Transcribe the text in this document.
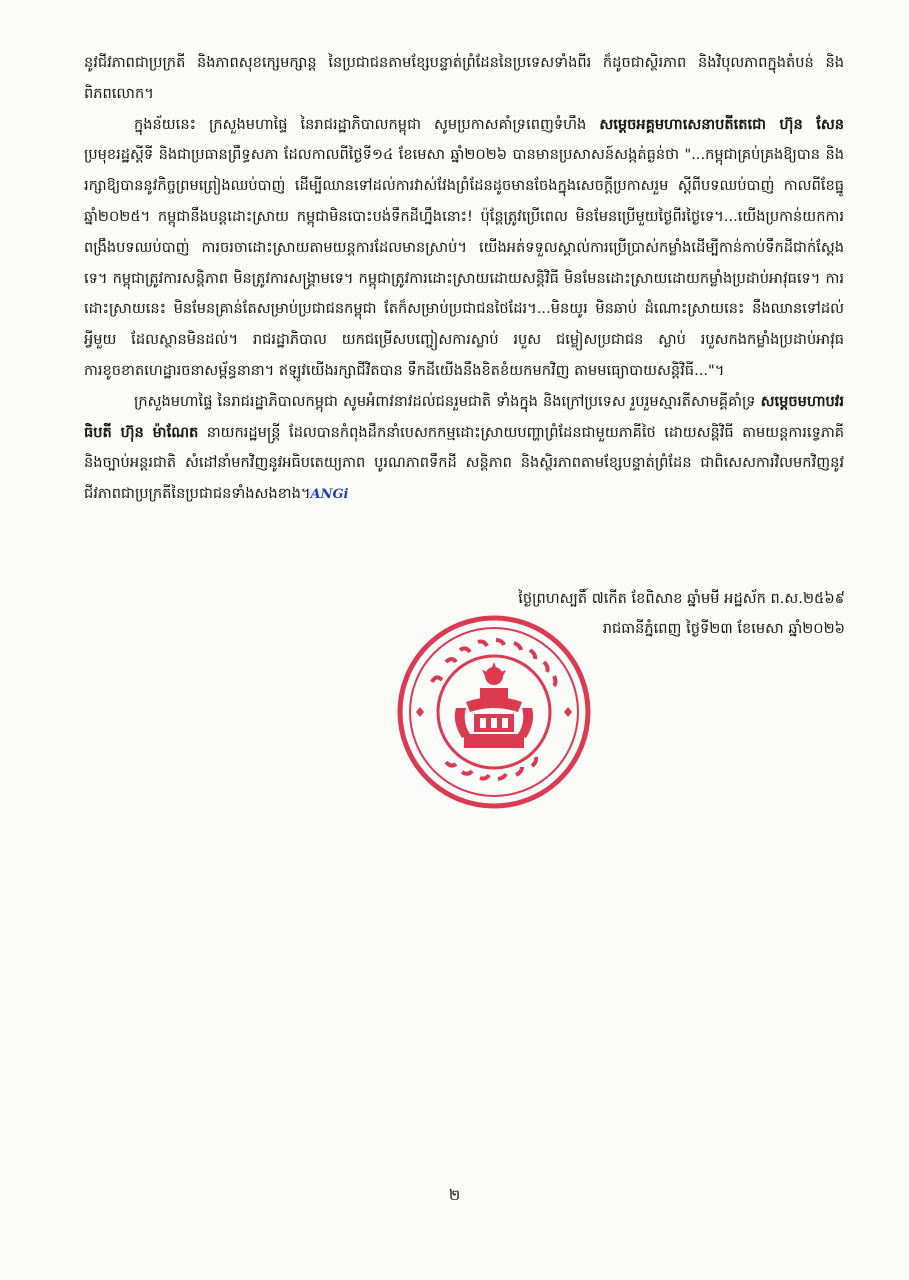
នូវជីវភាពជាប្រក្រតី និងភាពសុខក្សេមក្សាន្ត នៃប្រជាជនតាមខ្សែបន្ទាត់ព្រំដែននៃប្រទេសទាំងពីរ ក៏ដូចជាស្ថិរភាព និងវិបុលភាពក្នុងតំបន់ និងពិភពលោក។

ក្នុងន័យនេះ ក្រសួងមហាផ្ទៃ នៃរាជរដ្ឋាភិបាលកម្ពុជា សូមប្រកាសគាំទ្រពេញទំហឹង សម្តេចអគ្គមហាសេនាបតីតេជោ ហ៊ុន សែន ប្រមុខរដ្ឋស្តីទី និងជាប្រធានព្រឹទ្ធសភា ដែលកាលពីថ្ងៃទី១៤ ខែមេសា ឆ្នាំ២០២៦ បានមានប្រសាសន៍សង្កត់ធ្ងន់ថា "...កម្ពុជាគ្រប់គ្រងឱ្យបាន និងរក្សាឱ្យបាននូវកិច្ចព្រមព្រៀងឈប់បាញ់ ដើម្បីឈានទៅដល់ការវាស់វែងព្រំដែនដូចមានចែងក្នុងសេចក្តីប្រកាសរួម ស្តីពីបទឈប់បាញ់ កាលពីខែធ្នូ ឆ្នាំ២០២៥។ កម្ពុជានឹងបន្តដោះស្រាយ កម្ពុជាមិនបោះបង់ទឹកដីហ្នឹងនោះ! ប៉ុន្តែត្រូវប្រើពេល មិនមែនប្រើមួយថ្ងៃពីរថ្ងៃទេ។...យើងប្រកាន់យកការពង្រឹងបទឈប់បាញ់ ការចរចាដោះស្រាយតាមយន្តការដែលមានស្រាប់។ យើងអត់ទទួលស្គាល់ការប្រើប្រាស់កម្លាំងដើម្បីកាន់កាប់ទឹកដីជាក់ស្តែងទេ។ កម្ពុជាត្រូវការសន្តិភាព មិនត្រូវការសង្គ្រាមទេ។ កម្ពុជាត្រូវការដោះស្រាយដោយសន្តិវិធី មិនមែនដោះស្រាយដោយកម្លាំងប្រដាប់អាវុធទេ។ ការដោះស្រាយនេះ មិនមែនគ្រាន់តែសម្រាប់ប្រជាជនកម្ពុជា តែក៏សម្រាប់ប្រជាជនថៃដែរ។...មិនយូរ មិនឆាប់ ដំណោះស្រាយនេះ នឹងឈានទៅដល់អ្វីមួយ ដែលស្ថានមិនដល់។ រាជរដ្ឋាភិបាល យកជម្រើសបញ្ចៀសការស្លាប់ របួស ជម្លៀសប្រជាជន ស្លាប់ របួសកងកម្លាំងប្រដាប់អាវុធ ការខូចខាតហេដ្ឋារចនាសម្ព័ន្ធនានា។ ឥឡូវយើងរក្សាជីវិតបាន ទឹកដីយើងនឹងខិតខំយកមកវិញ តាមមធ្យោបាយសន្តិវិធី..."។

ក្រសួងមហាផ្ទៃ នៃរាជរដ្ឋាភិបាលកម្ពុជា សូមអំពាវនាវដល់ជនរួមជាតិ ទាំងក្នុង និងក្រៅប្រទេស រួបរួមស្មារតីសាមគ្គីគាំទ្រ សម្តេចមហាបវរធិបតី ហ៊ុន ម៉ាណែត នាយករដ្ឋមន្ត្រី ដែលបានកំពុងដឹកនាំបេសកកម្មដោះស្រាយបញ្ហាព្រំដែនជាមួយភាគីថៃ ដោយសន្តិវិធី តាមយន្តការទ្វេភាគី និងច្បាប់អន្តរជាតិ សំដៅនាំមកវិញនូវអធិបតេយ្យភាព បូរណភាពទឹកដី សន្តិភាព និងស្ថិរភាពតាមខ្សែបន្ទាត់ព្រំដែន ជាពិសេសការវិលមកវិញនូវជីវភាពជាប្រក្រតីនៃប្រជាជនទាំងសងខាង។ANGi

ថ្ងៃព្រហស្បតិ៍ ៧កើត ខែពិសាខ ឆ្នាំមមី អដ្ឋស័ក ព.ស.២៥៦៩
រាជធានីភ្នំពេញ ថ្ងៃទី២៣ ខែមេសា ឆ្នាំ២០២៦
២
